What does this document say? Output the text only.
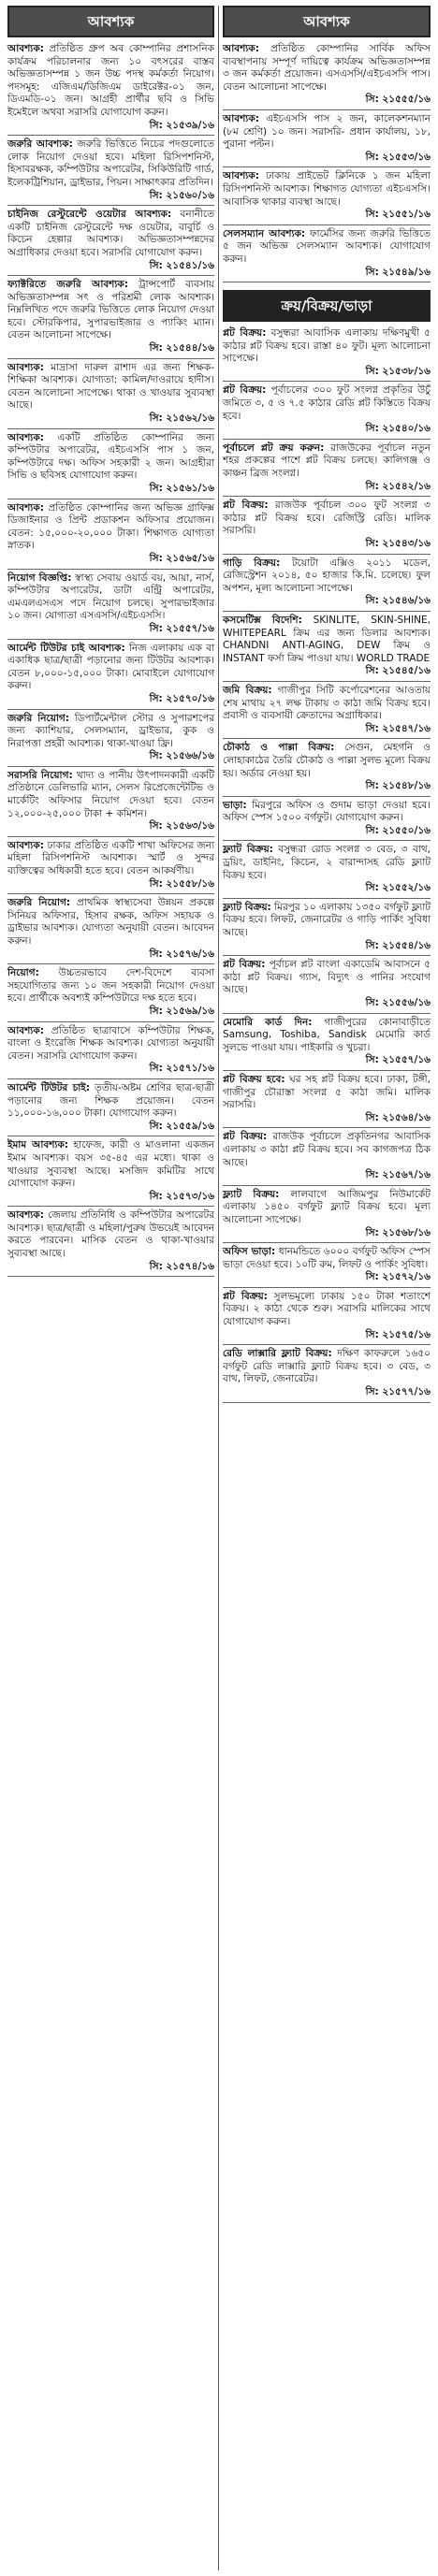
আবশ্যক
আবশ্যক: প্রতিষ্ঠিত গ্রুপ অব কোম্পানির প্রশাসনিক কার্যক্রম পরিচালনার জন্য ১০ বৎসরের বাস্তব অভিজ্ঞতাসম্পন্ন ১ জন উচ্চ পদস্থ কর্মকর্তা নিয়োগ। পদসমূহ: এজিএম/ডিজিএম ডাইরেক্টর-০১ জন, ডিএমডি-০১ জন। আগ্রহী প্রার্থীর ছবি ও সিভি ইমেইলে অথবা সরাসরি যোগাযোগ করুন।
সি: ২১৫৩৯/১৬
জরুরি আবশ্যক: জরুরি ভিত্তিতে নিচের পদগুলোতে লোক নিয়োগ দেওয়া হবে। মহিলা রিসিপশনিস্ট, হিসাবরক্ষক, কম্পিউটার অপারেটর, সিকিউরিটি গার্ড, ইলেকট্রিশিয়ান, ড্রাইভার, পিয়ন। সাক্ষাৎকার প্রতিদিন।
সি: ২১৫৬০/১৬
চাইনিজ রেস্টুরেন্টে ওয়েটার আবশ্যক: বনানীতে একটি চাইনিজ রেস্টুরেন্টে দক্ষ ওয়েটার, বাবুর্চি ও কিচেন হেল্পার আবশ্যক। অভিজ্ঞতাসম্পন্নদের অগ্রাধিকার দেওয়া হবে। সরাসরি যোগাযোগ করুন।
সি: ২১৫৪১/১৬
ফ্যাক্টরিতে জরুরি আবশ্যক: ট্রান্সপোর্ট ব্যবসায় অভিজ্ঞতাসম্পন্ন সৎ ও পরিশ্রমী লোক আবশ্যক। নিম্নলিখিত পদে জরুরি ভিত্তিতে লোক নিয়োগ দেওয়া হবে। স্টোরকিপার, সুপারভাইজার ও প্যাকিং ম্যান। বেতন আলোচনা সাপেক্ষে।
সি: ২১৫৪৪/১৬
আবশ্যক: মাদ্রাসা দারুল রাশাদ এর জন্য শিক্ষক-শিক্ষিকা আবশ্যক। যোগ্যতা: কামিল/দাওরায়ে হাদীস। বেতন আলোচনা সাপেক্ষে। থাকা ও খাওয়ার সুব্যবস্থা আছে।
সি: ২১৫৬২/১৬
আবশ্যক: একটি প্রতিষ্ঠিত কোম্পানির জন্য কম্পিউটার অপারেটর, এইচএসসি পাস ১ জন, কম্পিউটারে দক্ষ। অফিস সহকারী ২ জন। আগ্রহীরা সিভি ও ছবিসহ যোগাযোগ করুন।
সি: ২১৫৬১/১৬
আবশ্যক: প্রতিষ্ঠিত কোম্পানির জন্য অভিজ্ঞ গ্রাফিক্স ডিজাইনার ও প্রিন্ট প্রডাকশন অফিসার প্রয়োজন। বেতন: ১৫,০০০-২০,০০০ টাকা। শিক্ষাগত যোগ্যতা স্নাতক।
সি: ২১৫৬৫/১৬
নিয়োগ বিজ্ঞপ্তি: স্বাস্থ্য সেবায় ওয়ার্ড বয়, আয়া, নার্স, কম্পিউটার অপারেটর, ডাটা এন্ট্রি অপারেটর, এমএলএসএস পদে নিয়োগ চলছে। সুপারভাইজার ১০ জন। যোগ্যতা এসএসসি/এইচএসসি।
সি: ২১৫৫৭/১৬
আর্মেন্ট টিউটর চাই আবশ্যক: নিজ এলাকায় এক বা একাধিক ছাত্র/ছাত্রী পড়ানোর জন্য টিউটর আবশ্যক। বেতন ৮,০০০-১৫,০০০ টাকা। মোবাইলে যোগাযোগ করুন।
সি: ২১৫৭০/১৬
জরুরি নিয়োগ: ডিপার্টমেন্টাল স্টোর ও সুপারশপের জন্য ক্যাশিয়ার, সেলসম্যান, ড্রাইভার, কুক ও নিরাপত্তা প্রহরী আবশ্যক। থাকা-খাওয়া ফ্রি।
সি: ২১৫৬৬/১৬
সরাসরি নিয়োগ: খাদ্য ও পানীয় উৎপাদনকারী একটি প্রতিষ্ঠানে ডেলিভারি ম্যান, সেলস রিপ্রেজেন্টেটিভ ও মার্কেটিং অফিসার নিয়োগ দেওয়া হবে। বেতন ১২,০০০-২৫,০০০ টাকা + কমিশন।
সি: ২১৫৬৩/১৬
আবশ্যক: ঢাকার প্রতিষ্ঠিত একটি শাখা অফিসের জন্য মহিলা রিসিপশনিস্ট আবশ্যক। স্মার্ট ও সুন্দর ব্যক্তিত্বের অধিকারী হতে হবে। বেতন আকর্ষণীয়।
সি: ২১৫৫৮/১৬
জরুরি নিয়োগ: প্রাথমিক স্বাস্থ্যসেবা উন্নয়ন প্রকল্পে সিনিয়র অফিসার, হিসাব রক্ষক, অফিস সহায়ক ও ড্রাইভার আবশ্যক। যোগ্যতা অনুযায়ী বেতন। আবেদন করুন।
সি: ২১৫৭৬/১৬
নিয়োগ: উচ্চতরভাবে দেশ-বিদেশে ব্যবসা সহযোগিতার জন্য ১০ জন সহকারী নিয়োগ দেওয়া হবে। প্রার্থীকে অবশ্যই কম্পিউটারে দক্ষ হতে হবে।
সি: ২১৫৬৯/১৬
আবশ্যক: প্রতিষ্ঠিত ছাত্রাবাসে কম্পিউটার শিক্ষক, বাংলা ও ইংরেজি শিক্ষক আবশ্যক। যোগ্যতা অনুযায়ী বেতন। সরাসরি যোগাযোগ করুন।
সি: ২১৫৭১/১৬
আর্মেন্ট টিউটর চাই: তৃতীয়-অষ্টম শ্রেণির ছাত্র-ছাত্রী পড়ানোর জন্য শিক্ষক প্রয়োজন। বেতন ১১,০০০-১৬,০০০ টাকা। যোগাযোগ করুন।
সি: ২১৫৫৯/১৬
ইমাম আবশ্যক: হাফেজ, কারী ও মাওলানা একজন ইমাম আবশ্যক। বয়স ৩৫-৪৫ এর মধ্যে। থাকা ও খাওয়ার সুব্যবস্থা আছে। মসজিদ কমিটির সাথে যোগাযোগ করুন।
সি: ২১৫৭৩/১৬
আবশ্যক: জেলায় প্রতিনিধি ও কম্পিউটার অপারেটর আবশ্যক। ছাত্র/ছাত্রী ও মহিলা/পুরুষ উভয়েই আবেদন করতে পারবেন। মাসিক বেতন ও থাকা-খাওয়ার সুব্যবস্থা আছে।
সি: ২১৫৭৪/১৬
আবশ্যক
আবশ্যক: প্রতিষ্ঠিত কোম্পানির সার্বিক অফিস ব্যবস্থাপনায় সম্পূর্ণ দায়িত্বে কার্যক্রম অভিজ্ঞতাসম্পন্ন ৩ জন কর্মকর্তা প্রয়োজন। এসএসসি/এইচএসসি পাস। বেতন আলোচনা সাপেক্ষে।
সি: ২১৫৫৫/১৬
আবশ্যক: এইচএসসি পাস ২ জন, কালেকশনম্যান (৮ম শ্রেণি) ১০ জন। সরাসরি- প্রধান কার্যালয়, ১৮, পুরানা পল্টন।
সি: ২১৫৫৩/১৬
আবশ্যক: ঢাকায় প্রাইভেট ক্লিনিকে ১ জন মহিলা রিসিপশনিস্ট আবশ্যক। শিক্ষাগত যোগ্যতা এইচএসসি। আবাসিক থাকার ব্যবস্থা আছে।
সি: ২১৫৫১/১৬
সেলসম্যান আবশ্যক: ফার্মেসির জন্য জরুরি ভিত্তিতে ৫ জন অভিজ্ঞ সেলসম্যান আবশ্যক। যোগাযোগ করুন।
সি: ২১৫৪৯/১৬
ক্রয়/বিক্রয়/ভাড়া
প্লট বিক্রয়: বসুন্ধরা আবাসিক এলাকায় দক্ষিণমুখী ৫ কাঠার প্লট বিক্রয় হবে। রাস্তা ৪০ ফুট। মূল্য আলোচনা সাপেক্ষে।
সি: ২১৫৩৮/১৬
প্লট বিক্রয়: পূর্বাচলের ৩০০ ফুট সংলগ্ন প্রকৃতির উচুঁ জমিতে ৩, ৫ ও ৭.৫ কাঠার রেডি প্লট কিস্তিতে বিক্রয় হবে।
সি: ২১৫৪০/১৬
পূর্বাচলে প্লট ক্রয় করুন: রাজউকের পূর্বাচল নতুন শহর প্রকল্পের পাশে প্লট বিক্রয় চলছে। কালিগঞ্জ ও কাঞ্চন ব্রিজ সংলগ্ন।
সি: ২১৫৪২/১৬
প্লট বিক্রয়: রাজউক পূর্বাচল ৩০০ ফুট সংলগ্ন ৩ কাঠার প্লট বিক্রয় হবে। রেজিস্ট্রি রেডি। মালিক সরাসরি।
সি: ২১৫৪৩/১৬
গাড়ি বিক্রয়: টয়োটা এক্সিও ২০১১ মডেল, রেজিস্ট্রেশন ২০১৪, ৫০ হাজার কি.মি. চলেছে। ফুল অপশন, মূল্য আলোচনা সাপেক্ষে।
সি: ২১৫৪৬/১৬
কসমেটিক্স বিদেশি: SKINLITE, SKIN-SHINE, WHITEPEARL ক্রিম এর জন্য ডিলার আবশ্যক। CHANDNI ANTI-AGING, DEW ক্রিম ও INSTANT ফর্সা ক্রিম পাওয়া যায়। WORLD TRADE
সি: ২১৫৪৫/১৬
জমি বিক্রয়: গাজীপুর সিটি কর্পোরেশনের আওতায় শেষ মাথায় ২৭ লক্ষ টাকায় ৩ কাঠা জমি বিক্রয় হবে। প্রবাসী ও ব্যবসায়ী ক্রেতাদের অগ্রাধিকার।
সি: ২১৫৪৭/১৬
চৌকাঠ ও পাল্লা বিক্রয়: সেগুন, মেহগনি ও লোহাকাঠের তৈরি চৌকাঠ ও পাল্লা সুলভ মূল্যে বিক্রয় হয়। অর্ডার নেওয়া হয়।
সি: ২১৫৪৮/১৬
ভাড়া: মিরপুরে অফিস ও গুদাম ভাড়া দেওয়া হবে। অফিস স্পেস ১৫০০ বর্গফুট। যোগাযোগ করুন।
সি: ২১৫৫০/১৬
ফ্ল্যাট বিক্রয়: বসুন্ধরা রোড সংলগ্ন ৩ বেড, ৩ বাথ, ড্রয়িং, ডাইনিং, কিচেন, ২ বারান্দাসহ রেডি ফ্ল্যাট বিক্রয় হবে।
সি: ২১৫৫২/১৬
ফ্ল্যাট বিক্রয়: মিরপুর ১০ এলাকায় ১৩৫০ বর্গফুট ফ্ল্যাট বিক্রয় হবে। লিফট, জেনারেটর ও গাড়ি পার্কিং সুবিধা আছে।
সি: ২১৫৫৪/১৬
প্লট বিক্রয়: পূর্বাচল প্লট বাংলা একাডেমি আবাসনে ৫ কাঠা প্লট বিক্রয়। গ্যাস, বিদ্যুৎ ও পানির সংযোগ আছে।
সি: ২১৫৫৬/১৬
মেমোরি কার্ড দিন: গাজীপুরের কোনাবাড়ীতে Samsung, Toshiba, Sandisk মেমোরি কার্ড সুলভে পাওয়া যায়। পাইকারি ও খুচরা।
সি: ২১৫৫৭/১৬
প্লট বিক্রয় হবে: ঘর সহ প্লট বিক্রয় হবে। ঢাকা, টঙ্গী, গাজীপুর চৌরাস্তা সংলগ্ন ৫ কাঠা জমি। মালিক সরাসরি।
সি: ২১৫৬৪/১৬
প্লট বিক্রয়: রাজউক পূর্বাচলে প্রকৃতিনগর আবাসিক এলাকায় ৩ কাঠা প্লট বিক্রয় হবে। সব কাগজপত্র ঠিক আছে।
সি: ২১৫৬৭/১৬
ফ্ল্যাট বিক্রয়: লালবাগে আজিমপুর নিউমার্কেট এলাকায় ১৪৫০ বর্গফুট ফ্ল্যাট বিক্রয় হবে। মূল্য আলোচনা সাপেক্ষে।
সি: ২১৫৬৮/১৬
অফিস ভাড়া: ধানমন্ডিতে ৬০০০ বর্গফুট অফিস স্পেস ভাড়া দেওয়া হবে। ১০টি রুম, লিফট ও পার্কিং সুবিধা।
সি: ২১৫৭২/১৬
প্লট বিক্রয়: সুলভমূল্যে ঢাকায় ১৫০ টাকা শতাংশে বিক্রয়। ২ কাঠা থেকে শুরু। সরাসরি মালিকের সাথে যোগাযোগ করুন।
সি: ২১৫৭৫/১৬
রেডি লাক্সারি ফ্ল্যাট বিক্রয়: দক্ষিণ কাফরুলে ১৬৫০ বর্গফুট রেডি লাক্সারি ফ্ল্যাট বিক্রয় হবে। ৩ বেড, ৩ বাথ, লিফট, জেনারেটর।
সি: ২১৫৭৭/১৬
